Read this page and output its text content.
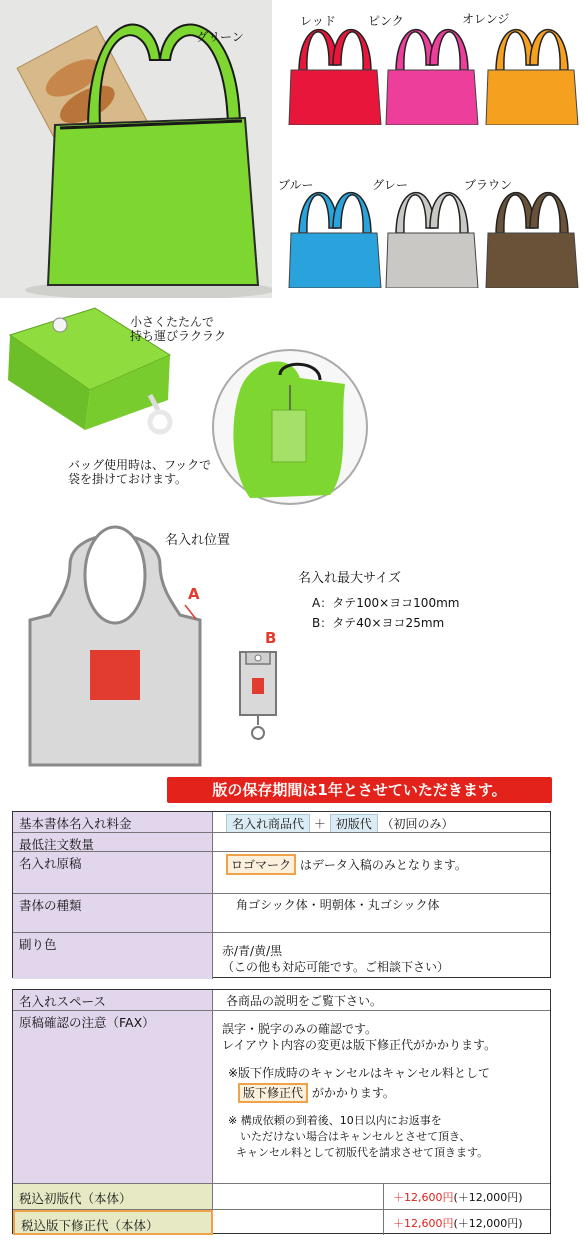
グリーン
レッド	ピンク	オレンジ
ブルー	グレー	ブラウン
小さくたたんで
持ち運びラクラク
バッグ使用時は、フックで
袋を掛けておけます。
名入れ位置
A
B
名入れ最大サイズ
A：タテ100×ヨコ100mm
B：タテ40×ヨコ25mm
版の保存期間は1年とさせていただきます。
基本書体名入れ料金	名入れ商品代 ＋ 初版代 （初回のみ）
最低注文数量
名入れ原稿	ロゴマーク はデータ入稿のみとなります。
書体の種類	角ゴシック体・明朝体・丸ゴシック体
刷り色	赤/青/黄/黒
（この他も対応可能です。ご相談下さい）
名入れスペース	各商品の説明をご覧下さい。
原稿確認の注意（FAX）	誤字・脱字のみの確認です。
レイアウト内容の変更は版下修正代がかかります。
※版下作成時のキャンセルはキャンセル料として
版下修正代 がかかります。
※ 構成依頼の到着後、10日以内にお返事を
いただけない場合はキャンセルとさせて頂き、
キャンセル料として初版代を請求させて頂きます。
税込初版代（本体）	＋12,600円(＋12,000円)
税込版下修正代（本体）	＋12,600円(＋12,000円)
